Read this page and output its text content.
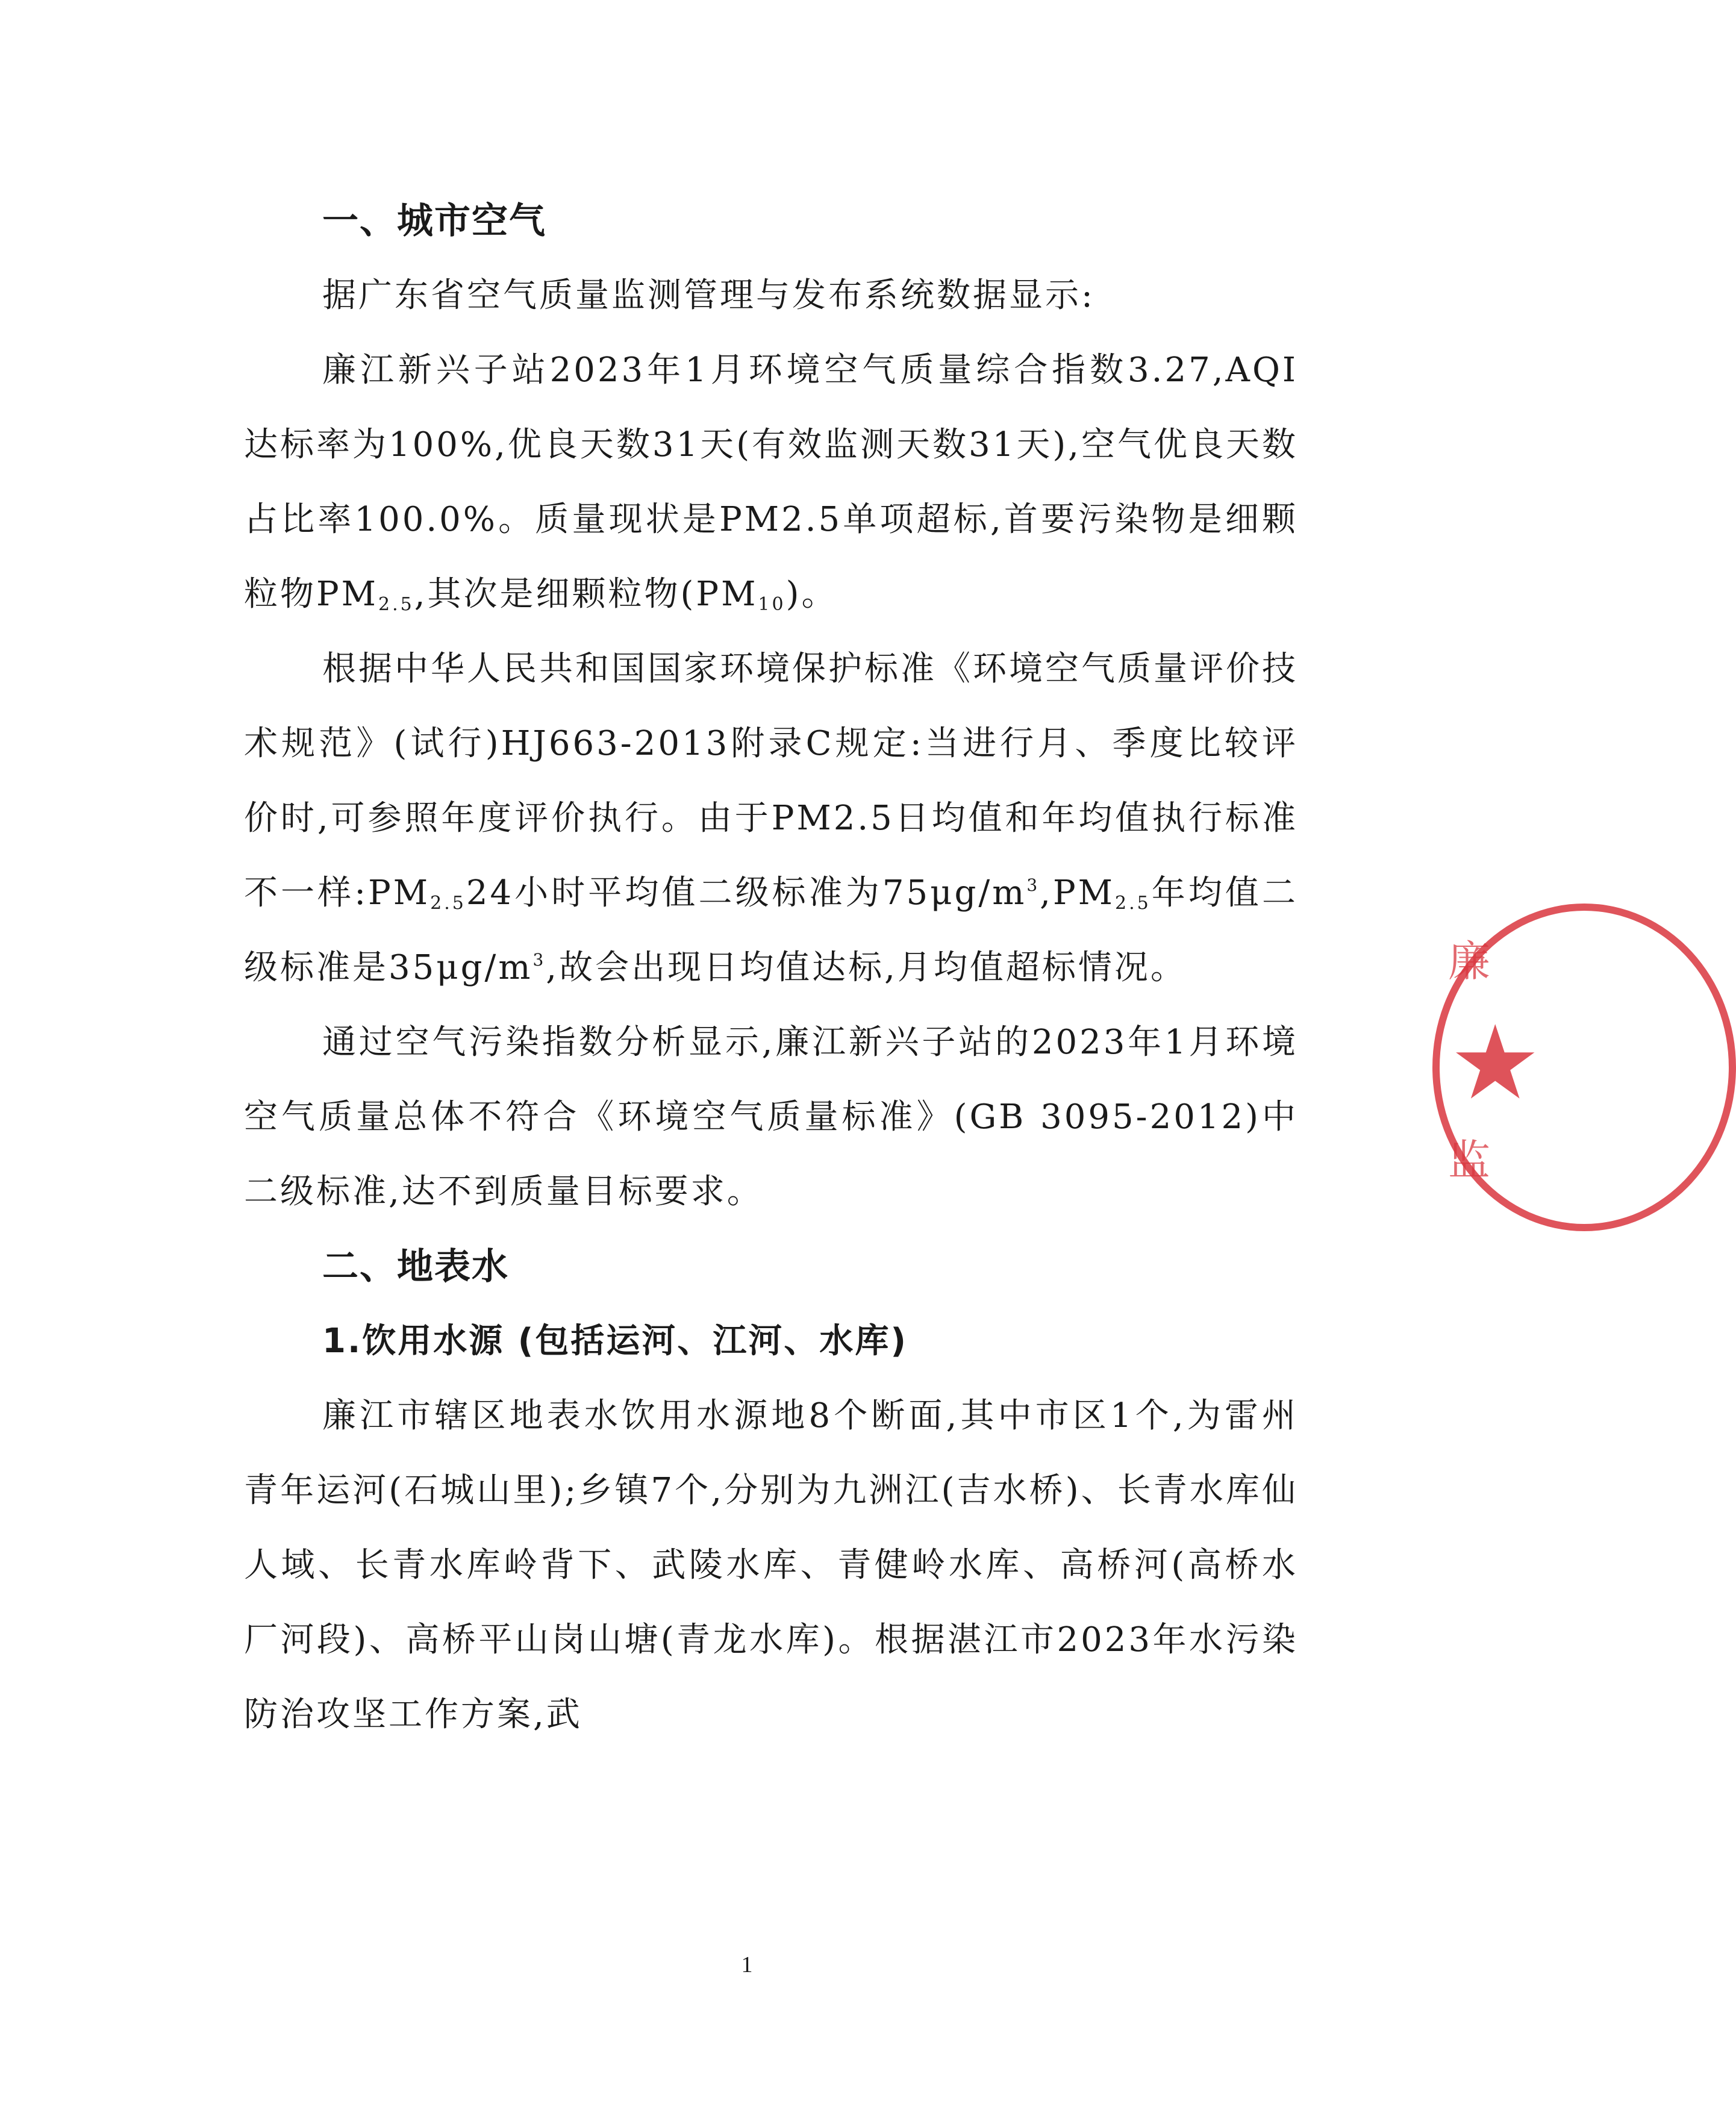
一、城市空气

据广东省空气质量监测管理与发布系统数据显示:

廉江新兴子站2023年1月环境空气质量综合指数3.27,AQI达标率为100%,优良天数31天(有效监测天数31天),空气优良天数占比率100.0%。质量现状是PM2.5单项超标,首要污染物是细颗粒物$PM_{2.5}$,其次是细颗粒物$(PM_{10})$。

根据中华人民共和国国家环境保护标准《环境空气质量评价技术规范》(试行)HJ663-2013附录C规定:当进行月、季度比较评价时,可参照年度评价执行。由于PM2.5日均值和年均值执行标准不一样$:PM_{2.5}24$小时平均值二级标准为$75\mu g/m^3,PM_{2.5}$年均值二级标准是$35\mu g/m^3$,故会出现日均值达标,月均值超标情况。

通过空气污染指数分析显示,廉江新兴子站的2023年1月环境空气质量总体不符合《环境空气质量标准》(GB 3095-2012)中二级标准,达不到质量目标要求。

二、地表水
1.饮用水源 (包括运河、江河、水库)

廉江市辖区地表水饮用水源地8个断面,其中市区1个,为雷州青年运河(石城山里);乡镇7个,分别为九洲江(吉水桥)、长青水库仙人域、长青水库岭背下、武陵水库、青健岭水库、高桥河(高桥水厂河段)、高桥平山岗山塘(青龙水库)。根据湛江市2023年水污染防治攻坚工作方案,武

1
廉
★
监
